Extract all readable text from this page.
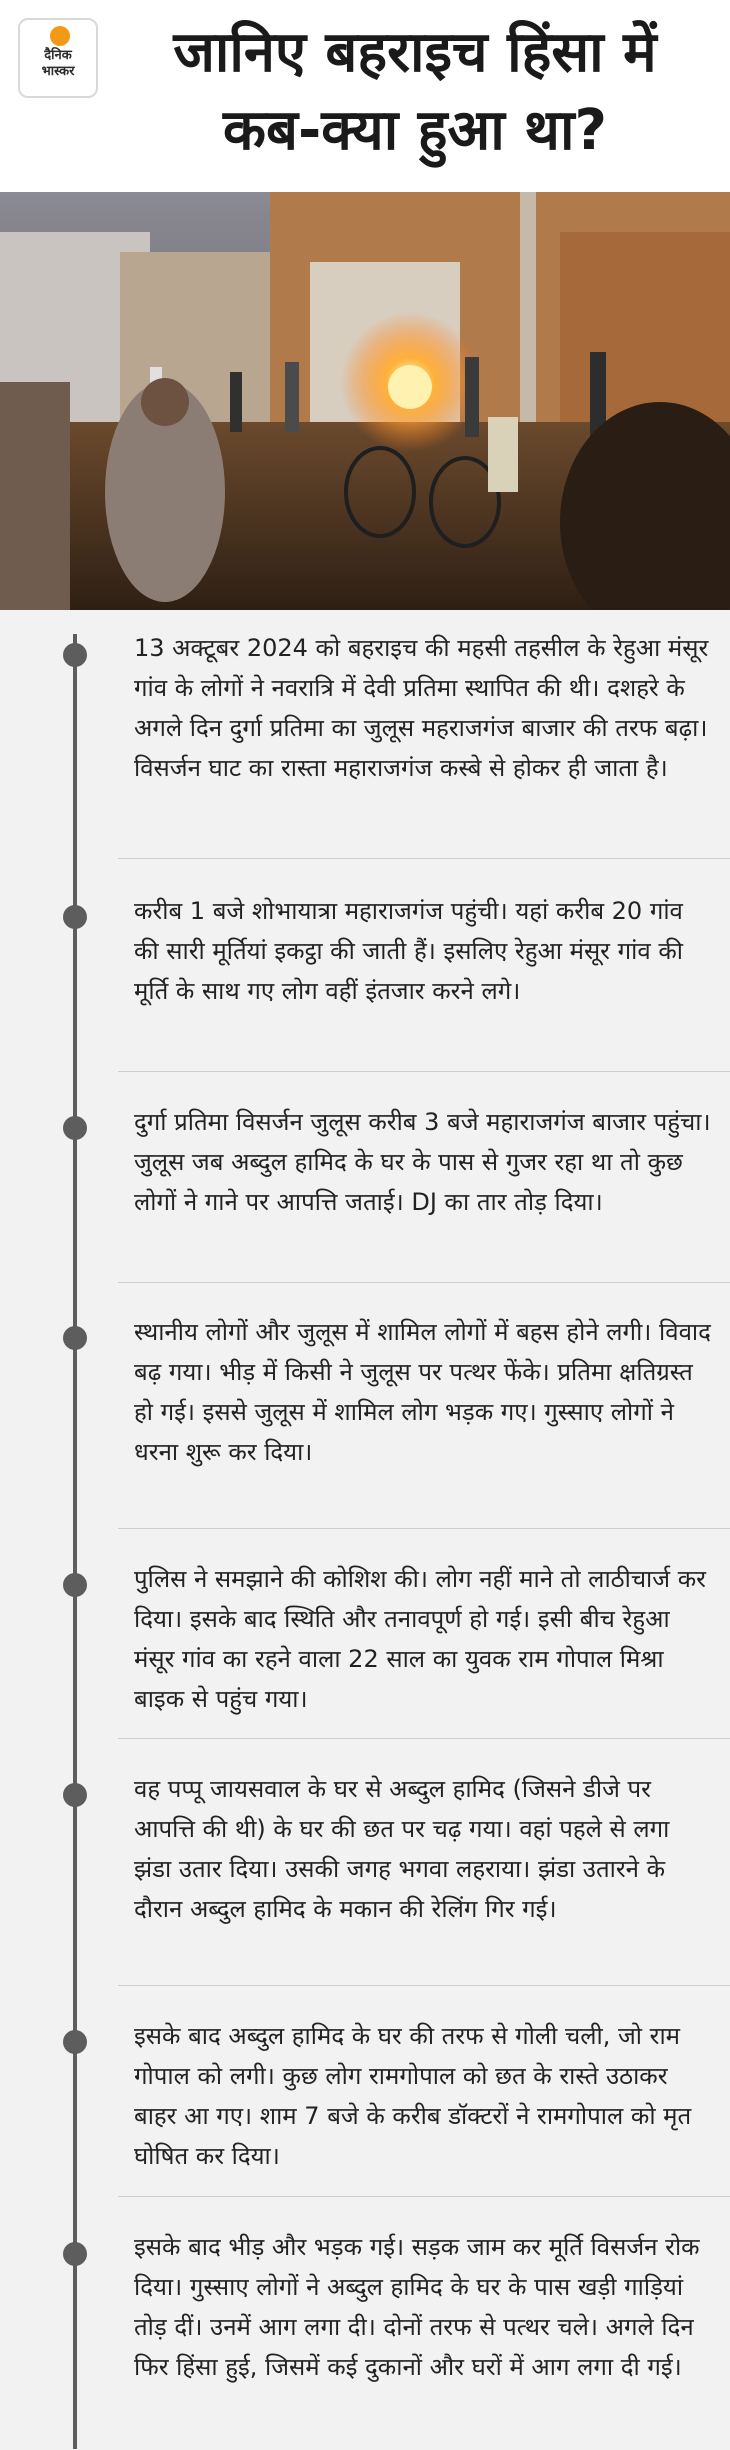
दैनिक
भास्कर	जानिए बहराइच हिंसा में
कब-क्या हुआ था?
13 अक्टूबर 2024 को बहराइच की महसी तहसील के रेहुआ मंसूर गांव के लोगों ने नवरात्रि में देवी प्रतिमा स्थापित की थी। दशहरे के अगले दिन दुर्गा प्रतिमा का जुलूस महराजगंज बाजार की तरफ बढ़ा। विसर्जन घाट का रास्ता महाराजगंज कस्बे से होकर ही जाता है।
करीब 1 बजे शोभायात्रा महाराजगंज पहुंची। यहां करीब 20 गांव की सारी मूर्तियां इकट्ठा की जाती हैं। इसलिए रेहुआ मंसूर गांव की मूर्ति के साथ गए लोग वहीं इंतजार करने लगे।
दुर्गा प्रतिमा विसर्जन जुलूस करीब 3 बजे महाराजगंज बाजार पहुंचा। जुलूस जब अब्दुल हामिद के घर के पास से गुजर रहा था तो कुछ लोगों ने गाने पर आपत्ति जताई। DJ का तार तोड़ दिया।
स्थानीय लोगों और जुलूस में शामिल लोगों में बहस होने लगी। विवाद बढ़ गया। भीड़ में किसी ने जुलूस पर पत्थर फेंके। प्रतिमा क्षतिग्रस्त हो गई। इससे जुलूस में शामिल लोग भड़क गए। गुस्साए लोगों ने धरना शुरू कर दिया।
पुलिस ने समझाने की कोशिश की। लोग नहीं माने तो लाठीचार्ज कर दिया। इसके बाद स्थिति और तनावपूर्ण हो गई। इसी बीच रेहुआ मंसूर गांव का रहने वाला 22 साल का युवक राम गोपाल मिश्रा बाइक से पहुंच गया।
वह पप्पू जायसवाल के घर से अब्दुल हामिद (जिसने डीजे पर आपत्ति की थी) के घर की छत पर चढ़ गया। वहां पहले से लगा झंडा उतार दिया। उसकी जगह भगवा लहराया। झंडा उतारने के दौरान अब्दुल हामिद के मकान की रेलिंग गिर गई।
इसके बाद अब्दुल हामिद के घर की तरफ से गोली चली, जो राम गोपाल को लगी। कुछ लोग रामगोपाल को छत के रास्ते उठाकर बाहर आ गए। शाम 7 बजे के करीब डॉक्टरों ने रामगोपाल को मृत घोषित कर दिया।
इसके बाद भीड़ और भड़क गई। सड़क जाम कर मूर्ति विसर्जन रोक दिया। गुस्साए लोगों ने अब्दुल हामिद के घर के पास खड़ी गाड़ियां तोड़ दीं। उनमें आग लगा दी। दोनों तरफ से पत्थर चले। अगले दिन फिर हिंसा हुई, जिसमें कई दुकानों और घरों में आग लगा दी गई।
